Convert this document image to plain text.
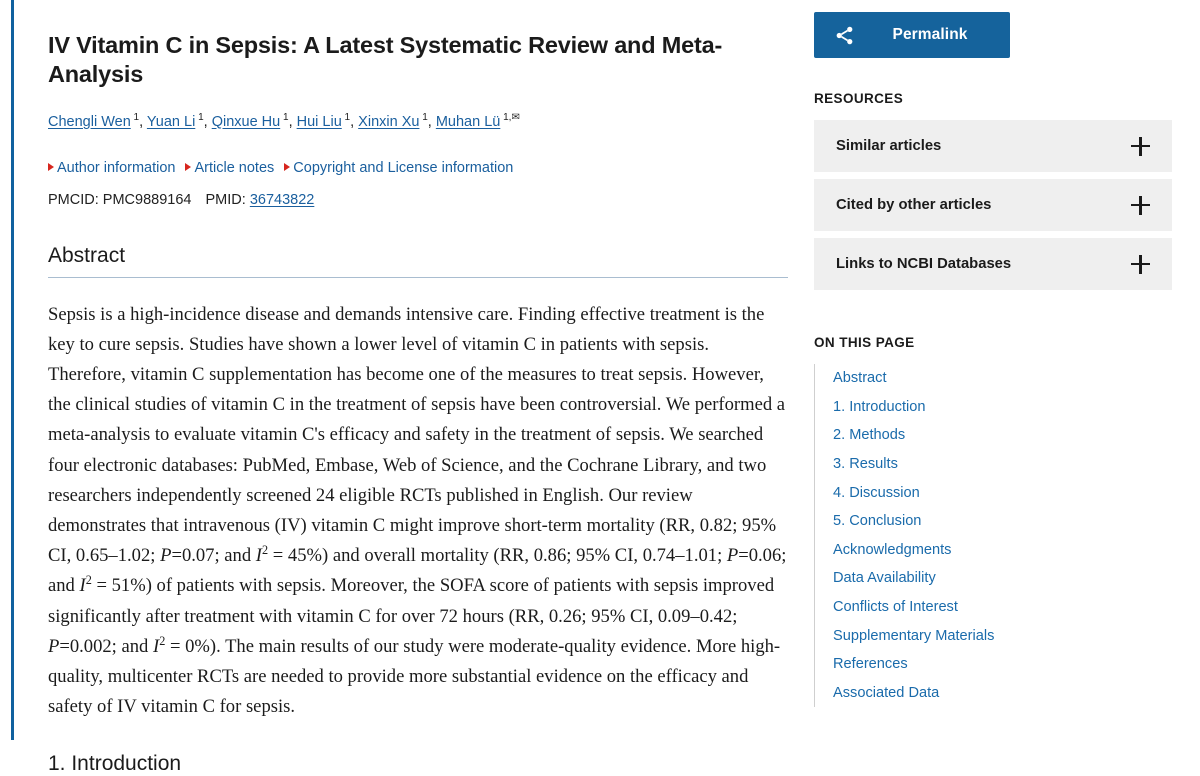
IV Vitamin C in Sepsis: A Latest Systematic Review and Meta-Analysis
Chengli Wen $^1$, Yuan Li $^1$, Qinxue Hu $^1$, Hui Liu $^1$, Xinxin Xu $^1$, Muhan Lü $^{1,✉}$
Author information Article notes Copyright and License information
PMCID: PMC9889164 PMID: 36743822
Abstract
Sepsis is a high-incidence disease and demands intensive care. Finding effective treatment is the key to cure sepsis. Studies have shown a lower level of vitamin C in patients with sepsis. Therefore, vitamin C supplementation has become one of the measures to treat sepsis. However, the clinical studies of vitamin C in the treatment of sepsis have been controversial. We performed a meta-analysis to evaluate vitamin C's efficacy and safety in the treatment of sepsis. We searched four electronic databases: PubMed, Embase, Web of Science, and the Cochrane Library, and two researchers independently screened 24 eligible RCTs published in English. Our review demonstrates that intravenous (IV) vitamin C might improve short-term mortality (RR, 0.82; 95% CI, 0.65–1.02; P=0.07; and $I^2 = 45\%$) and overall mortality (RR, 0.86; 95% CI, 0.74–1.01; P=0.06; and $I^2 = 51\%$) of patients with sepsis. Moreover, the SOFA score of patients with sepsis improved significantly after treatment with vitamin C for over 72 hours (RR, 0.26; 95% CI, 0.09–0.42; P=0.002; and $I^2 = 0\%$). The main results of our study were moderate-quality evidence. More high-quality, multicenter RCTs are needed to provide more substantial evidence on the efficacy and safety of IV vitamin C for sepsis.
1. Introduction
Permalink
RESOURCES
Similar articles
Cited by other articles
Links to NCBI Databases
ON THIS PAGE
Abstract
1. Introduction
2. Methods
3. Results
4. Discussion
5. Conclusion
Acknowledgments
Data Availability
Conflicts of Interest
Supplementary Materials
References
Associated Data
